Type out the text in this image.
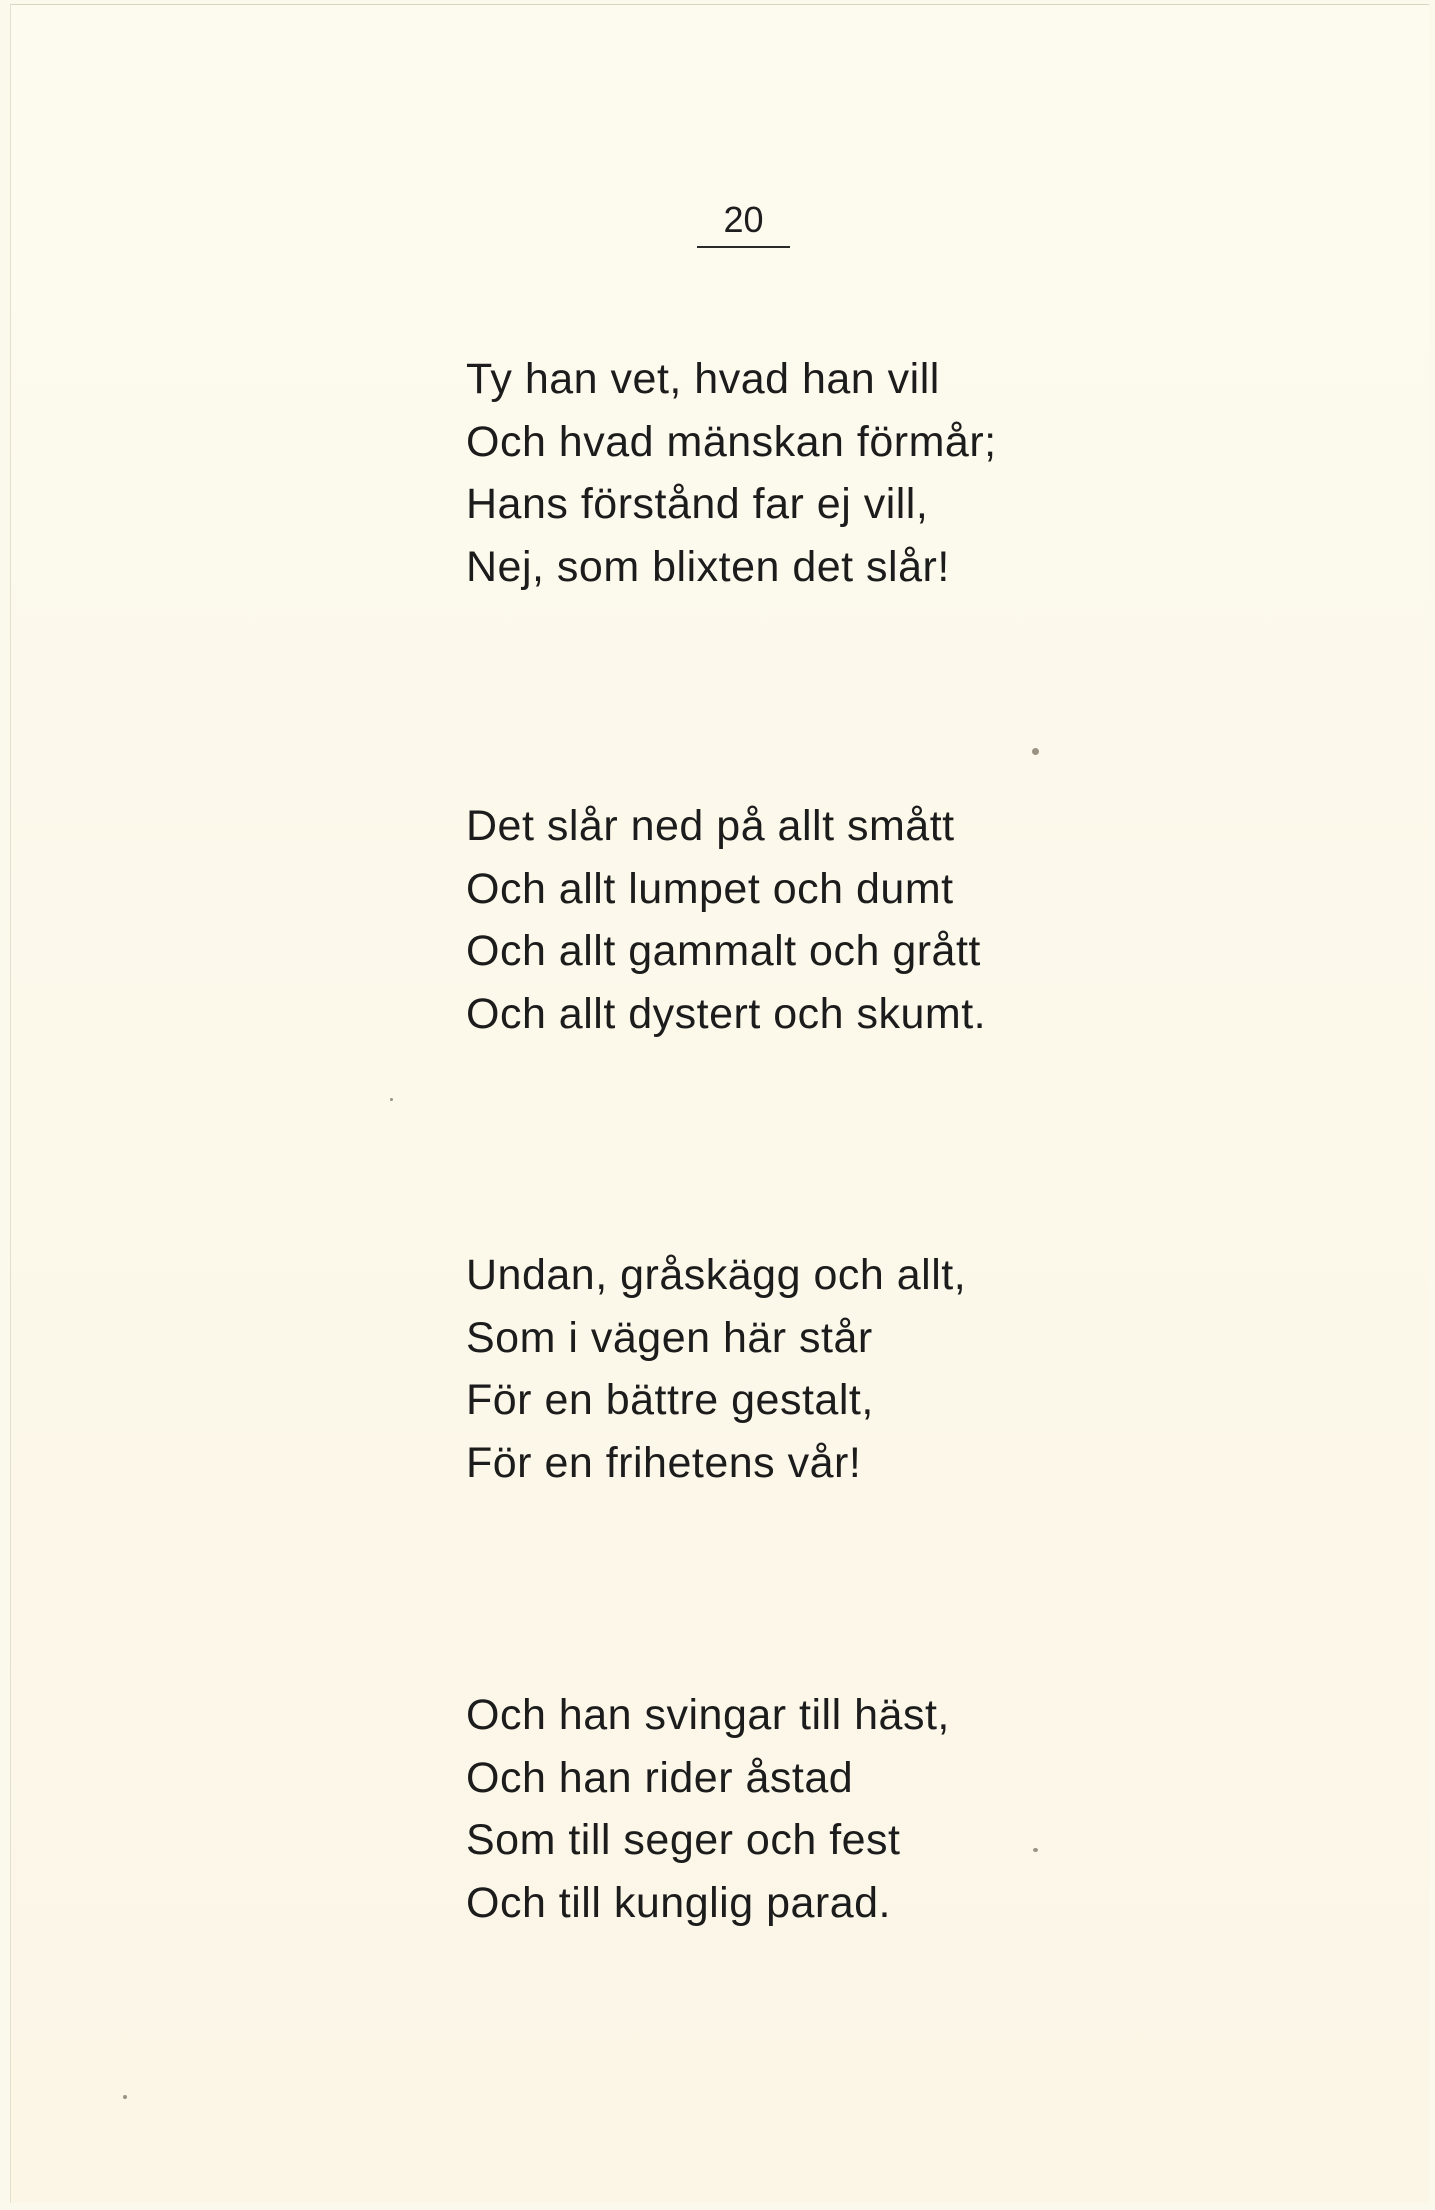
20
Ty han vet, hvad han vill
Och hvad mänskan förmår;
Hans förstånd far ej vill,
Nej, som blixten det slår!
Det slår ned på allt smått
Och allt lumpet och dumt
Och allt gammalt och grått
Och allt dystert och skumt.
Undan, gråskägg och allt,
Som i vägen här står
För en bättre gestalt,
För en frihetens vår!
Och han svingar till häst,
Och han rider åstad
Som till seger och fest
Och till kunglig parad.
